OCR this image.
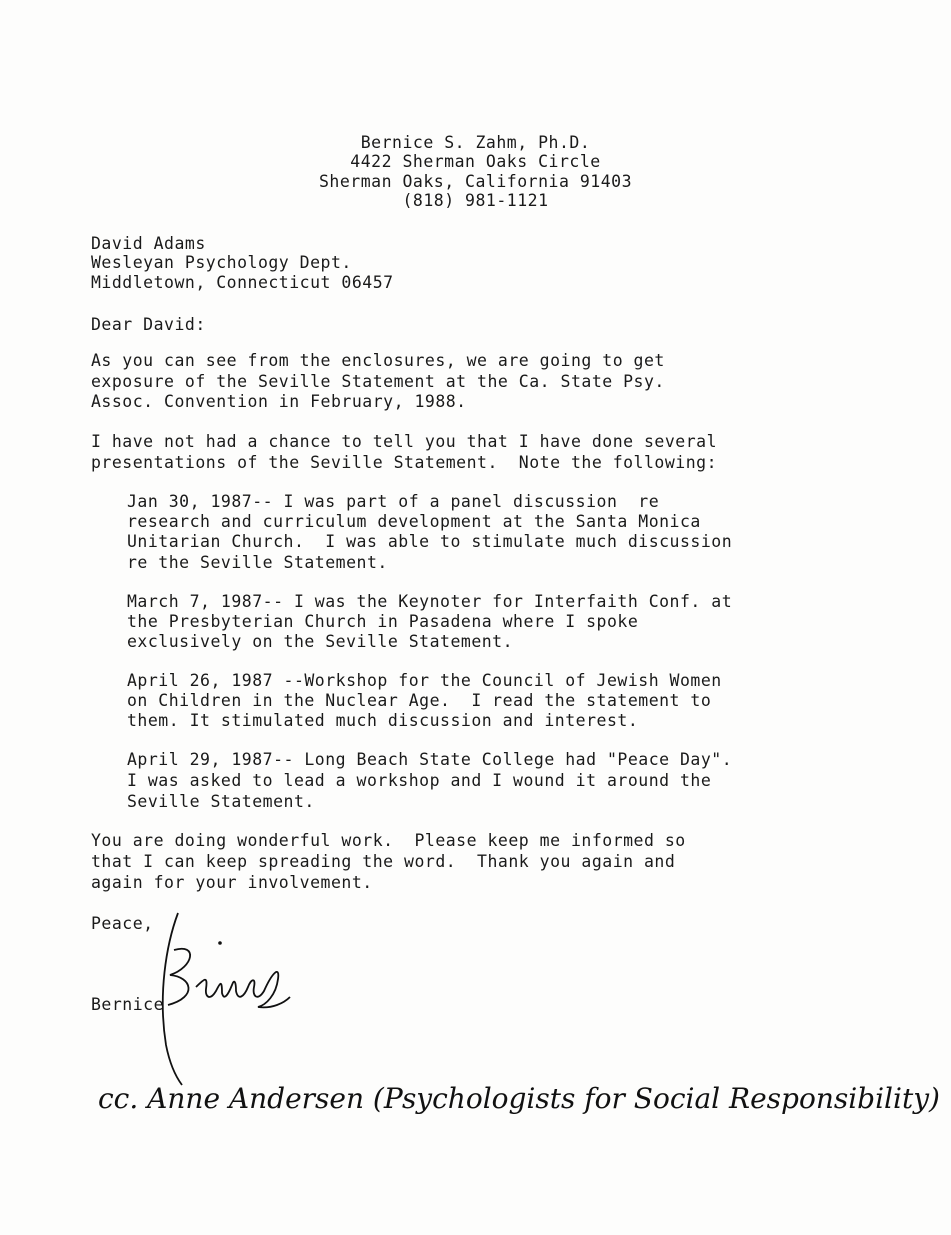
Bernice S. Zahm, Ph.D.
4422 Sherman Oaks Circle
Sherman Oaks, California 91403
(818) 981-1121
David Adams
Wesleyan Psychology Dept.
Middletown, Connecticut 06457
Dear David:
As you can see from the enclosures, we are going to get
exposure of the Seville Statement at the Ca. State Psy.
Assoc. Convention in February, 1988.
I have not had a chance to tell you that I have done several
presentations of the Seville Statement.  Note the following:
Jan 30, 1987-- I was part of a panel discussion  re
research and curriculum development at the Santa Monica
Unitarian Church.  I was able to stimulate much discussion
re the Seville Statement.
March 7, 1987-- I was the Keynoter for Interfaith Conf. at
the Presbyterian Church in Pasadena where I spoke
exclusively on the Seville Statement.
April 26, 1987 --Workshop for the Council of Jewish Women
on Children in the Nuclear Age.  I read the statement to
them. It stimulated much discussion and interest.
April 29, 1987-- Long Beach State College had "Peace Day".
I was asked to lead a workshop and I wound it around the
Seville Statement.
You are doing wonderful work.  Please keep me informed so
that I can keep spreading the word.  Thank you again and
again for your involvement.
Peace,
Bernice
cc. Anne Andersen (Psychologists for Social Responsibility)
